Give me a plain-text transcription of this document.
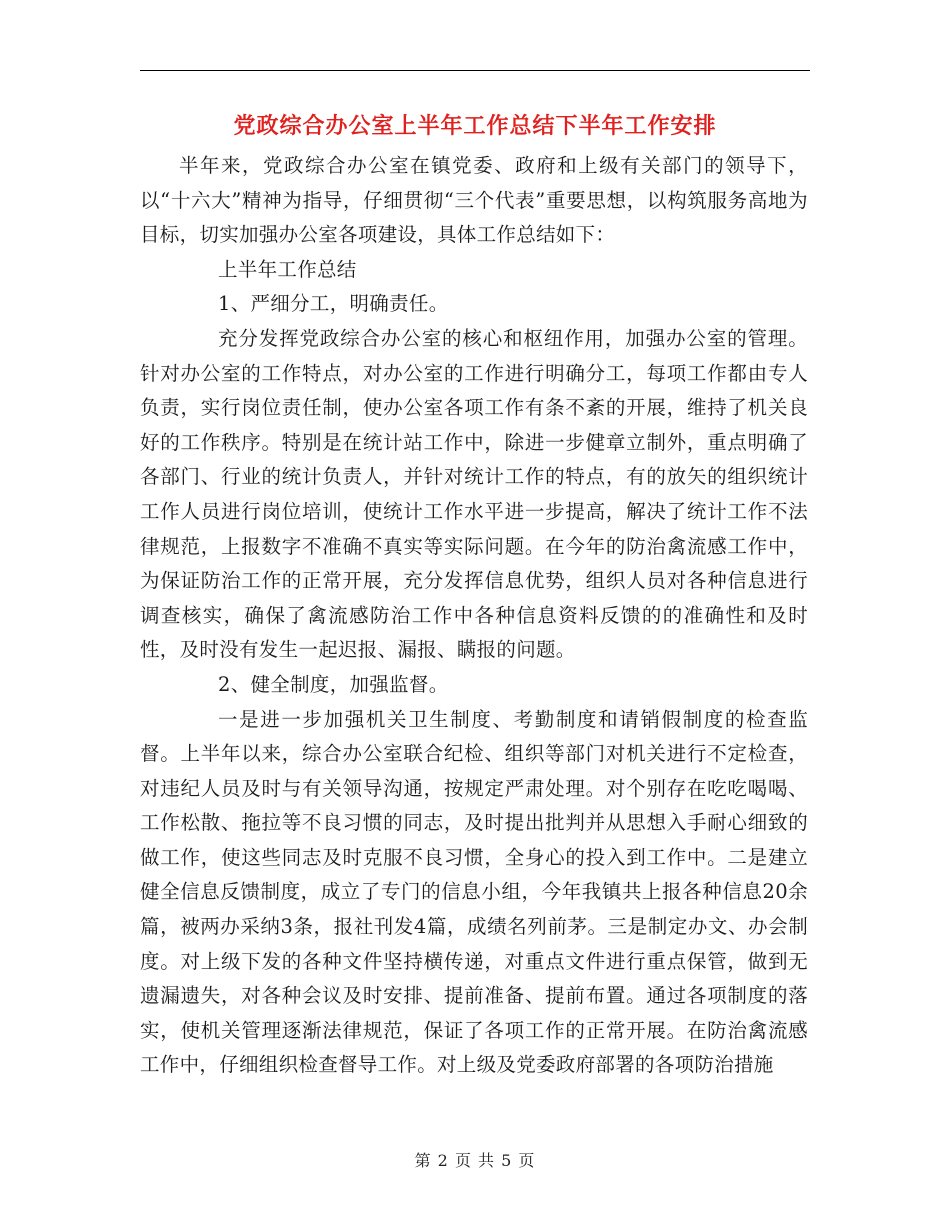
党政综合办公室上半年工作总结下半年工作安排

半年来，党政综合办公室在镇党委、政府和上级有关部门的领导下，以“十六大”精神为指导，仔细贯彻“三个代表”重要思想，以构筑服务高地为目标，切实加强办公室各项建设，具体工作总结如下：

上半年工作总结

1、严细分工，明确责任。

充分发挥党政综合办公室的核心和枢纽作用，加强办公室的管理。针对办公室的工作特点，对办公室的工作进行明确分工，每项工作都由专人负责，实行岗位责任制，使办公室各项工作有条不紊的开展，维持了机关良好的工作秩序。特别是在统计站工作中，除进一步健章立制外，重点明确了各部门、行业的统计负责人，并针对统计工作的特点，有的放矢的组织统计工作人员进行岗位培训，使统计工作水平进一步提高，解决了统计工作不法律规范，上报数字不准确不真实等实际问题。在今年的防治禽流感工作中，为保证防治工作的正常开展，充分发挥信息优势，组织人员对各种信息进行调查核实，确保了禽流感防治工作中各种信息资料反馈的的准确性和及时性，及时没有发生一起迟报、漏报、瞒报的问题。

2、健全制度，加强监督。

一是进一步加强机关卫生制度、考勤制度和请销假制度的检查监督。上半年以来，综合办公室联合纪检、组织等部门对机关进行不定检查，对违纪人员及时与有关领导沟通，按规定严肃处理。对个别存在吃吃喝喝、工作松散、拖拉等不良习惯的同志，及时提出批判并从思想入手耐心细致的做工作，使这些同志及时克服不良习惯，全身心的投入到工作中。二是建立健全信息反馈制度，成立了专门的信息小组，今年我镇共上报各种信息20余篇，被两办采纳3条，报社刊发4篇，成绩名列前茅。三是制定办文、办会制度。对上级下发的各种文件坚持横传递，对重点文件进行重点保管，做到无遗漏遗失，对各种会议及时安排、提前准备、提前布置。通过各项制度的落实，使机关管理逐渐法律规范，保证了各项工作的正常开展。在防治禽流感工作中，仔细组织检查督导工作。对上级及党委政府部署的各项防治措施

第 2 页 共 5 页
